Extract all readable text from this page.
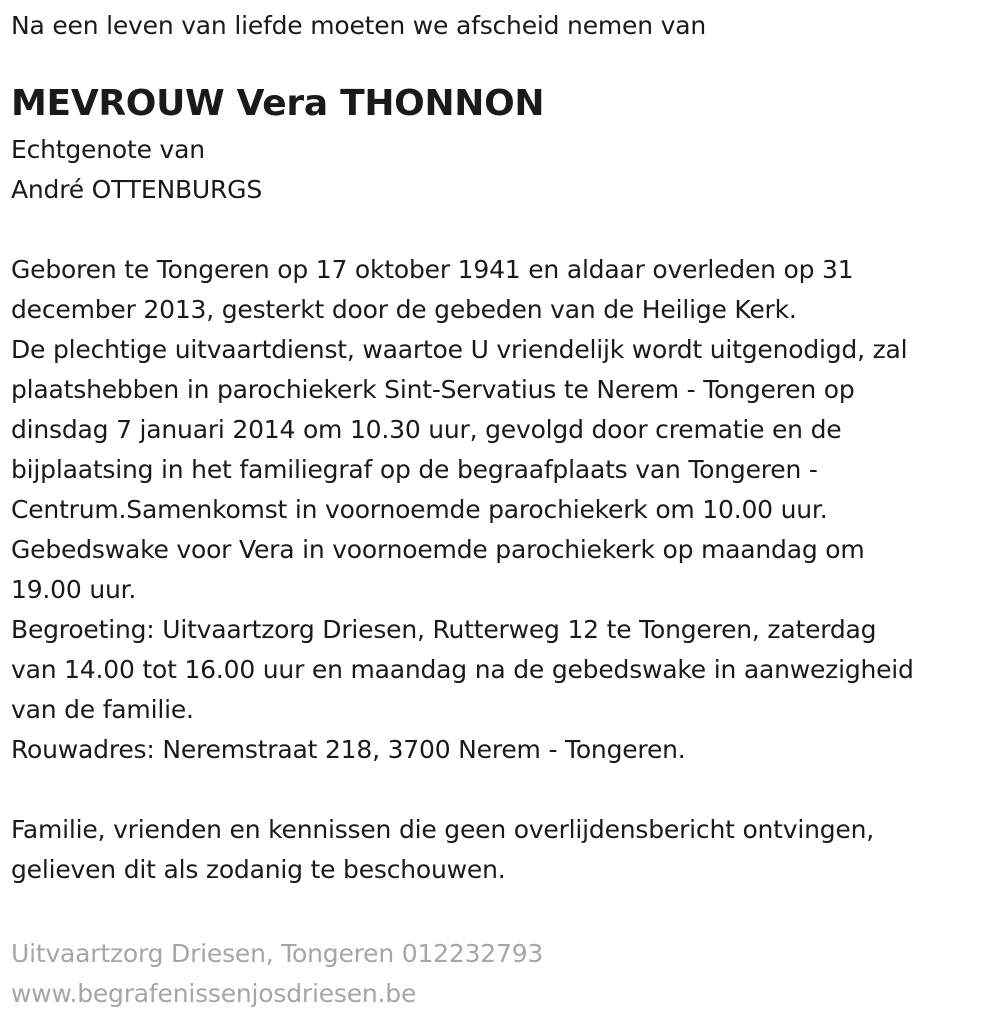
Na een leven van liefde moeten we afscheid nemen van
MEVROUW Vera THONNON
Echtgenote van
André OTTENBURGS
Geboren te Tongeren op 17 oktober 1941 en aldaar overleden op 31
december 2013, gesterkt door de gebeden van de Heilige Kerk.
De plechtige uitvaartdienst, waartoe U vriendelijk wordt uitgenodigd, zal
plaatshebben in parochiekerk Sint-Servatius te Nerem - Tongeren op
dinsdag 7 januari 2014 om 10.30 uur, gevolgd door crematie en de
bijplaatsing in het familiegraf op de begraafplaats van Tongeren -
Centrum.Samenkomst in voornoemde parochiekerk om 10.00 uur.
Gebedswake voor Vera in voornoemde parochiekerk op maandag om
19.00 uur.
Begroeting: Uitvaartzorg Driesen, Rutterweg 12 te Tongeren, zaterdag
van 14.00 tot 16.00 uur en maandag na de gebedswake in aanwezigheid
van de familie.
Rouwadres: Neremstraat 218, 3700 Nerem - Tongeren.
Familie, vrienden en kennissen die geen overlijdensbericht ontvingen,
gelieven dit als zodanig te beschouwen.
Uitvaartzorg Driesen, Tongeren 012232793
www.begrafenissenjosdriesen.be
